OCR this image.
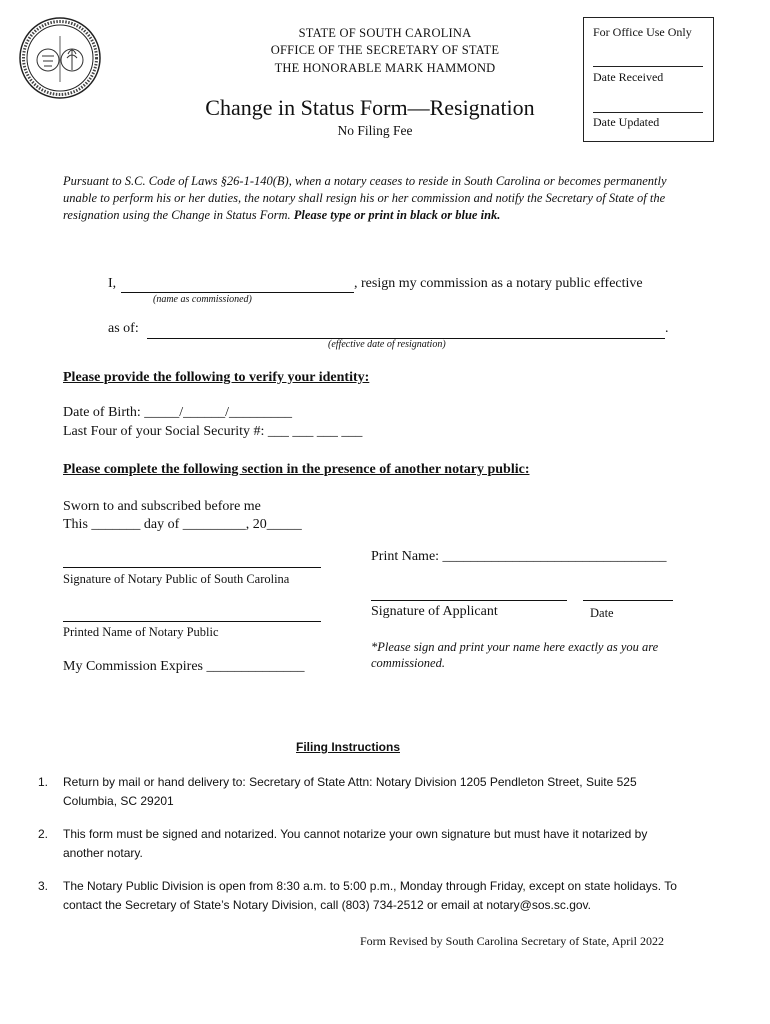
STATE OF SOUTH CAROLINA
OFFICE OF THE SECRETARY OF STATE
THE HONORABLE MARK HAMMOND
For Office Use Only
Date Received
Date Updated
Change in Status Form—Resignation
No Filing Fee
Pursuant to S.C. Code of Laws §26-1-140(B), when a notary ceases to reside in South Carolina or becomes permanently unable to perform his or her duties, the notary shall resign his or her commission and notify the Secretary of State of the resignation using the Change in Status Form. Please type or print in black or blue ink.
I,	, resign my commission as a notary public effective
(name as commissioned)
as of:	.
(effective date of resignation)
Please provide the following to verify your identity:
Date of Birth: _____/______/_________
Last Four of your Social Security #: ___ ___ ___ ___
Please complete the following section in the presence of another notary public:
Sworn to and subscribed before me
This _______ day of _________, 20_____
Signature of Notary Public of South Carolina
Printed Name of Notary Public
My Commission Expires ______________
Print Name: ________________________________
Signature of Applicant	Date
*Please sign and print your name here exactly as you are commissioned.
Filing Instructions
1. Return by mail or hand delivery to: Secretary of State Attn: Notary Division 1205 Pendleton Street, Suite 525 Columbia, SC 29201
2. This form must be signed and notarized. You cannot notarize your own signature but must have it notarized by another notary.
3. The Notary Public Division is open from 8:30 a.m. to 5:00 p.m., Monday through Friday, except on state holidays. To contact the Secretary of State’s Notary Division, call (803) 734-2512 or email at notary@sos.sc.gov.
Form Revised by South Carolina Secretary of State, April 2022
